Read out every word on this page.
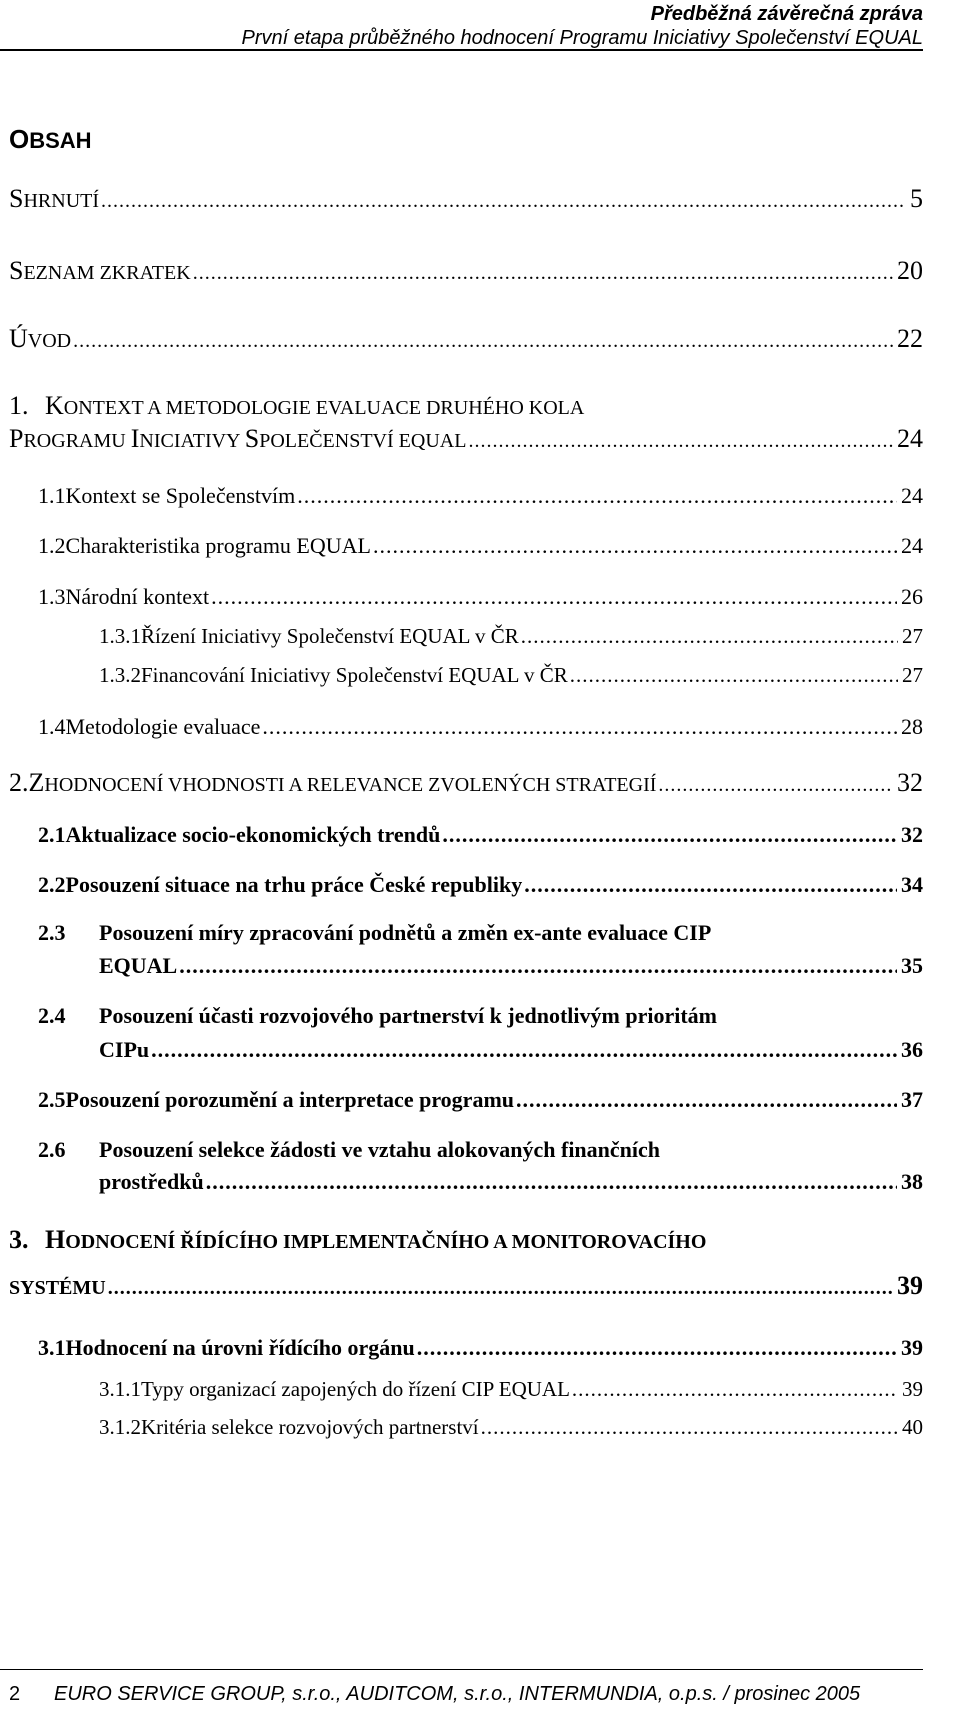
Předběžná závěrečná zpráva
První etapa průběžného hodnocení Programu Iniciativy Společenství EQUAL
OBSAH
SHRNUTÍ .....	5
SEZNAM ZKRATEK .....	20
ÚVOD .....	22
1. KONTEXT A METODOLOGIE EVALUACE DRUHÉHO KOLA
PROGRAMU INICIATIVY SPOLEČENSTVÍ EQUAL .....	24
1.1 Kontext se Společenstvím .....	24
1.2 Charakteristika programu EQUAL .....	24
1.3 Národní kontext .....	26
1.3.1 Řízení Iniciativy Společenství EQUAL v ČR .....	27
1.3.2 Financování Iniciativy Společenství EQUAL v ČR .....	27
1.4 Metodologie evaluace .....	28
2. ZHODNOCENÍ VHODNOSTI A RELEVANCE ZVOLENÝCH STRATEGIÍ .....	32
2.1 Aktualizace socio-ekonomických trendů .....	32
2.2 Posouzení situace na trhu práce České republiky .....	34
2.3 Posouzení míry zpracování podnětů a změn ex-ante evaluace CIP
EQUAL .....	35
2.4 Posouzení účasti rozvojového partnerství k jednotlivým prioritám
CIPu .....	36
2.5 Posouzení porozumění a interpretace programu .....	37
2.6 Posouzení selekce žádosti ve vztahu alokovaných finančních
prostředků .....	38
3. HODNOCENÍ ŘÍDÍCÍHO IMPLEMENTAČNÍHO A MONITOROVACÍHO
SYSTÉMU .....	39
3.1 Hodnocení na úrovni řídícího orgánu .....	39
3.1.1 Typy organizací zapojených do řízení CIP EQUAL .....	39
3.1.2 Kritéria selekce rozvojových partnerství .....	40
2	EURO SERVICE GROUP, s.r.o., AUDITCOM, s.r.o., INTERMUNDIA, o.p.s. / prosinec 2005
